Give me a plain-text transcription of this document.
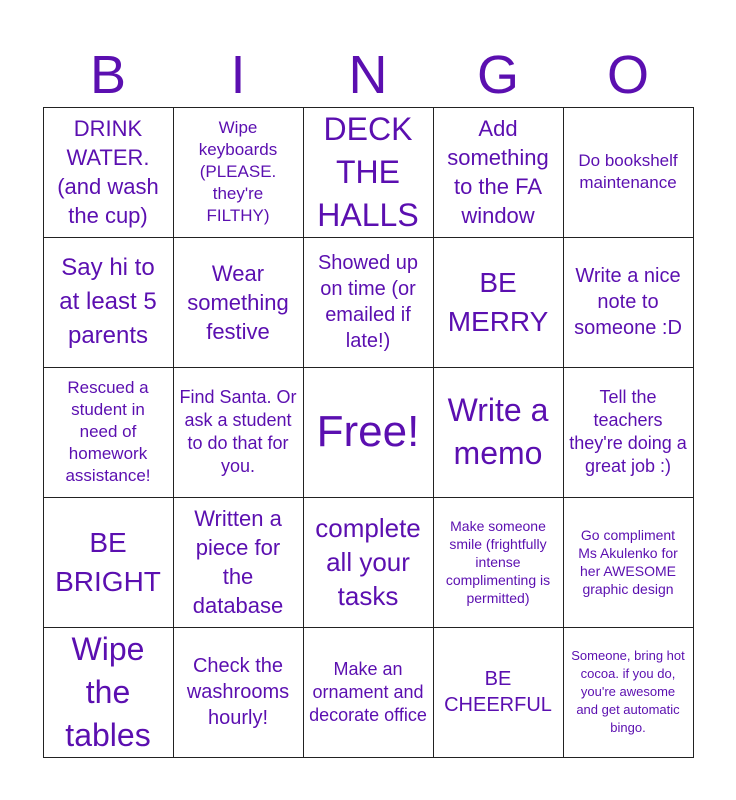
B	I	N	G	O
DRINK WATER. (and wash the cup)
Wipe keyboards (PLEASE. they're FILTHY)
DECK THE HALLS
Add something to the FA window
Do bookshelf maintenance
Say hi to at least 5 parents
Wear something festive
Showed up on time (or emailed if late!)
BE MERRY
Write a nice note to someone :D
Rescued a student in need of homework assistance!
Find Santa. Or ask a student to do that for you.
Free! Write a memo
Tell the teachers they're doing a great job :)
BE BRIGHT
Written a piece for the database
complete all your tasks
Make someone smile (frightfully intense complimenting is permitted)
Go compliment Ms Akulenko for her AWESOME graphic design
Wipe the tables
Check the washrooms hourly!
Make an ornament and decorate office
BE CHEERFUL
Someone, bring hot cocoa. if you do, you're awesome and get automatic bingo.
